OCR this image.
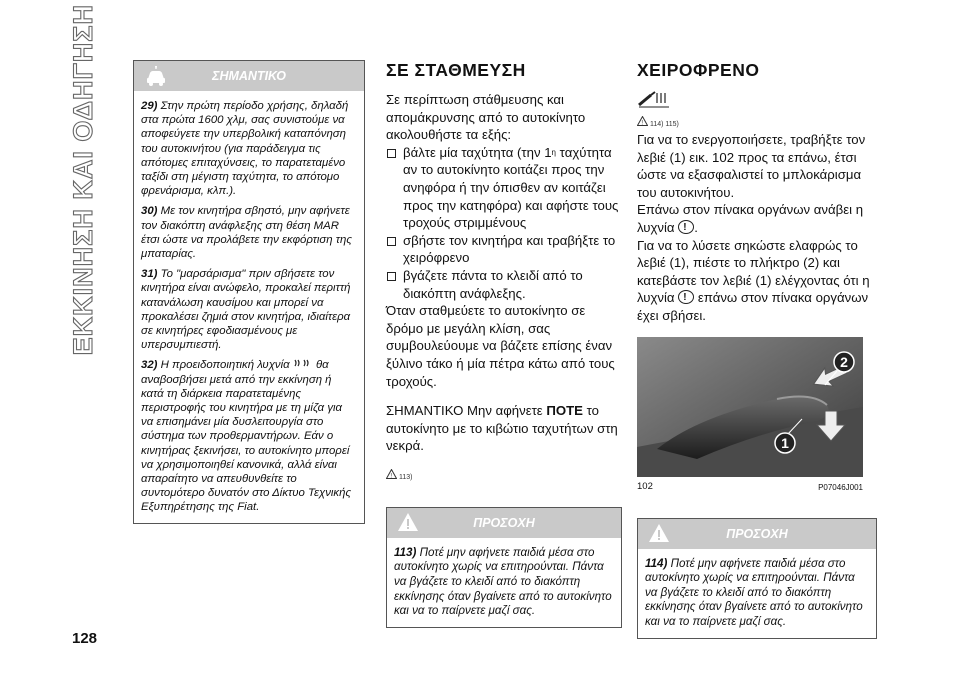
ΕΚΚΙΝΗΣΗ ΚΑΙ ΟΔΗΓΗΣΗ
128
ΣΗΜΑΝΤΙΚΟ

29) Στην πρώτη περίοδο χρήσης, δηλαδή στα πρώτα 1600 χλμ, σας συνιστούμε να αποφεύγετε την υπερβολική καταπόνηση του αυτοκινήτου (για παράδειγμα τις απότομες επιταχύνσεις, το παρατεταμένο ταξίδι στη μέγιστη ταχύτητα, το απότομο φρενάρισμα, κλπ.).

30) Με τον κινητήρα σβηστό, μην αφήνετε τον διακόπτη ανάφλεξης στη θέση MAR έτσι ώστε να προλάβετε την εκφόρτιση της μπαταρίας.

31) Το "μαρσάρισμα" πριν σβήσετε τον κινητήρα είναι ανώφελο, προκαλεί περιττή κατανάλωση καυσίμου και μπορεί να προκαλέσει ζημιά στον κινητήρα, ιδιαίτερα σε κινητήρες εφοδιασμένους με υπερσυμπιεστή.

32) Η προειδοποιητική λυχνία θα αναβοσβήσει μετά από την εκκίνηση ή κατά τη διάρκεια παρατεταμένης περιστροφής του κινητήρα με τη μίζα για να επισημάνει μία δυσλειτουργία στο σύστημα των προθερμαντήρων. Εάν ο κινητήρας ξεκινήσει, το αυτοκίνητο μπορεί να χρησιμοποιηθεί κανονικά, αλλά είναι απαραίτητο να απευθυνθείτε το συντομότερο δυνατόν στο Δίκτυο Τεχνικής Εξυπηρέτησης της Fiat.

ΣΕ ΣΤΑΘΜΕΥΣΗ

Σε περίπτωση στάθμευσης και απομάκρυνσης από το αυτοκίνητο ακολουθήστε τα εξής:

βάλτε μία ταχύτητα (την $1^\eta$ ταχύτητα αν το αυτοκίνητο κοιτάζει προς την ανηφόρα ή την όπισθεν αν κοιτάζει προς την κατηφόρα) και αφήστε τους τροχούς στριμμένους
σβήστε τον κινητήρα και τραβήξτε το χειρόφρενο
βγάζετε πάντα το κλειδί από το διακόπτη ανάφλεξης.

Όταν σταθμεύετε το αυτοκίνητο σε δρόμο με μεγάλη κλίση, σας συμβουλεύουμε να βάζετε επίσης έναν ξύλινο τάκο ή μία πέτρα κάτω από τους τροχούς.

ΣΗΜΑΝΤΙΚΟ Μην αφήνετε ΠΟΤΕ το αυτοκίνητο με το κιβώτιο ταχυτήτων στη νεκρά.

! 113)
ΠΡΟΣΟΧΗ
113) Ποτέ μην αφήνετε παιδιά μέσα στο αυτοκίνητο χωρίς να επιτηρούνται. Πάντα να βγάζετε το κλειδί από το διακόπτη εκκίνησης όταν βγαίνετε από το αυτοκίνητο και να το παίρνετε μαζί σας.
ΧΕΙΡΟΦΡΕΝΟ
! 114) 115)

Για να το ενεργοποιήσετε, τραβήξτε τον λεβιέ (1) εικ. 102 προς τα επάνω, έτσι ώστε να εξασφαλιστεί το μπλοκάρισμα του αυτοκινήτου.

Επάνω στον πίνακα οργάνων ανάβει η λυχνία ! .

Για να το λύσετε σηκώστε ελαφρώς το λεβιέ (1), πιέστε το πλήκτρο (2) και κατεβάστε τον λεβιέ (1) ελέγχοντας ότι η λυχνία ! επάνω στον πίνακα οργάνων έχει σβήσει.

1
2
102	P07046J001
ΠΡΟΣΟΧΗ
114) Ποτέ μην αφήνετε παιδιά μέσα στο αυτοκίνητο χωρίς να επιτηρούνται. Πάντα να βγάζετε το κλειδί από το διακόπτη εκκίνησης όταν βγαίνετε από το αυτοκίνητο και να το παίρνετε μαζί σας.
